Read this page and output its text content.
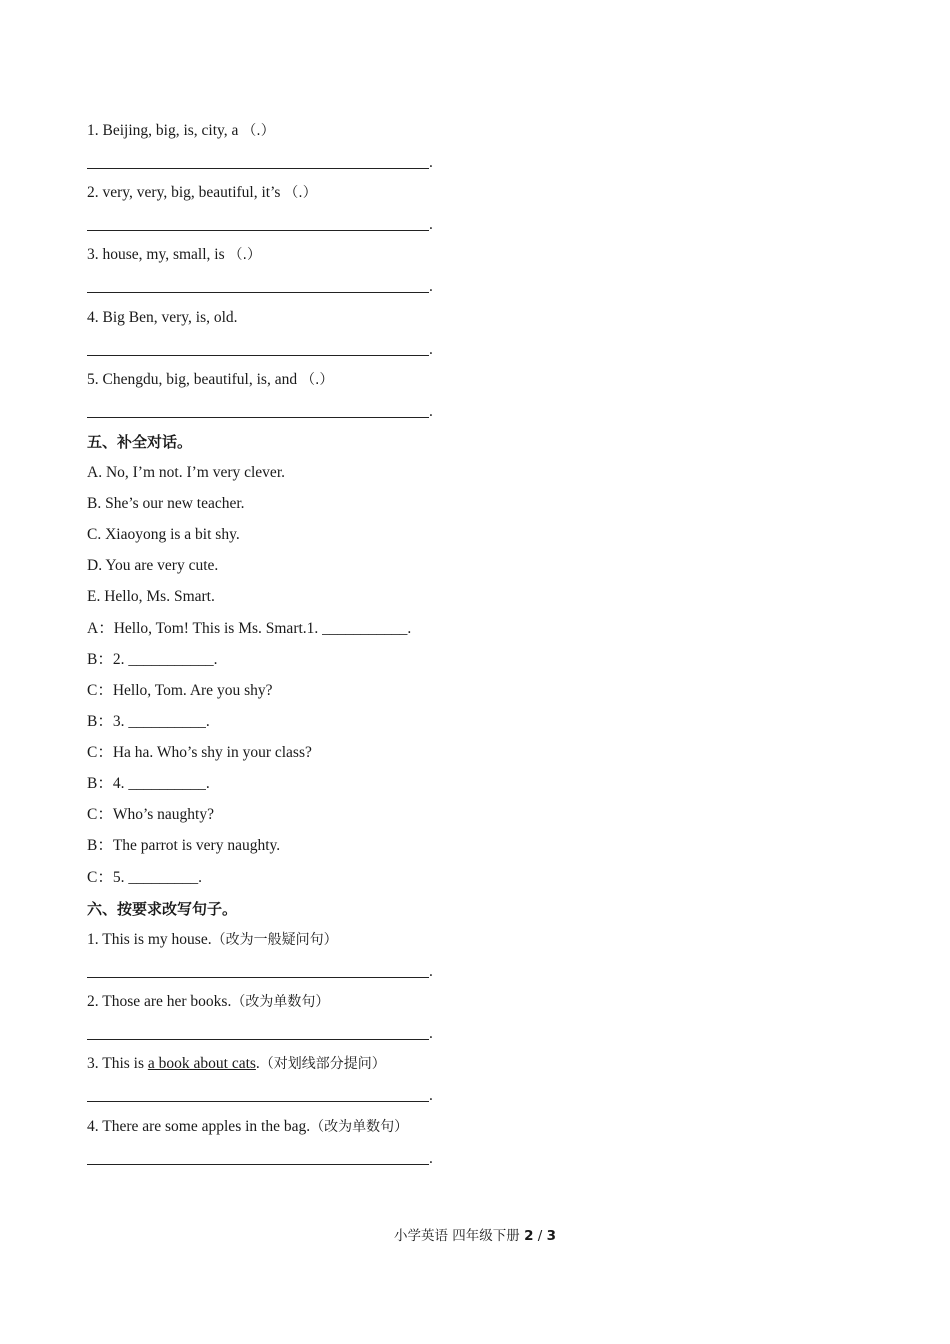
1. Beijing, big, is, city, a （.）
.
2. very, very, big, beautiful, it’s （.）
.
3. house, my, small, is （.）
.
4. Big Ben, very, is, old.
.
5. Chengdu, big, beautiful, is, and （.）
.
五、补全对话。
A. No, I’m not. I’m very clever.
B. She’s our new teacher.
C. Xiaoyong is a bit shy.
D. You are very cute.
E. Hello, Ms. Smart.
A：Hello, Tom! This is Ms. Smart.1. ___________.
B：2. ___________.
C：Hello, Tom. Are you shy?
B：3. __________.
C：Ha ha. Who’s shy in your class?
B：4. __________.
C：Who’s naughty?
B：The parrot is very naughty.
C：5. _________.
六、按要求改写句子。
1. This is my house.（改为一般疑问句）
.
2. Those are her books.（改为单数句）
.
3. This is a book about cats.（对划线部分提问）
.
4. There are some apples in the bag.（改为单数句）
.
小学英语 四年级下册 2 / 3
